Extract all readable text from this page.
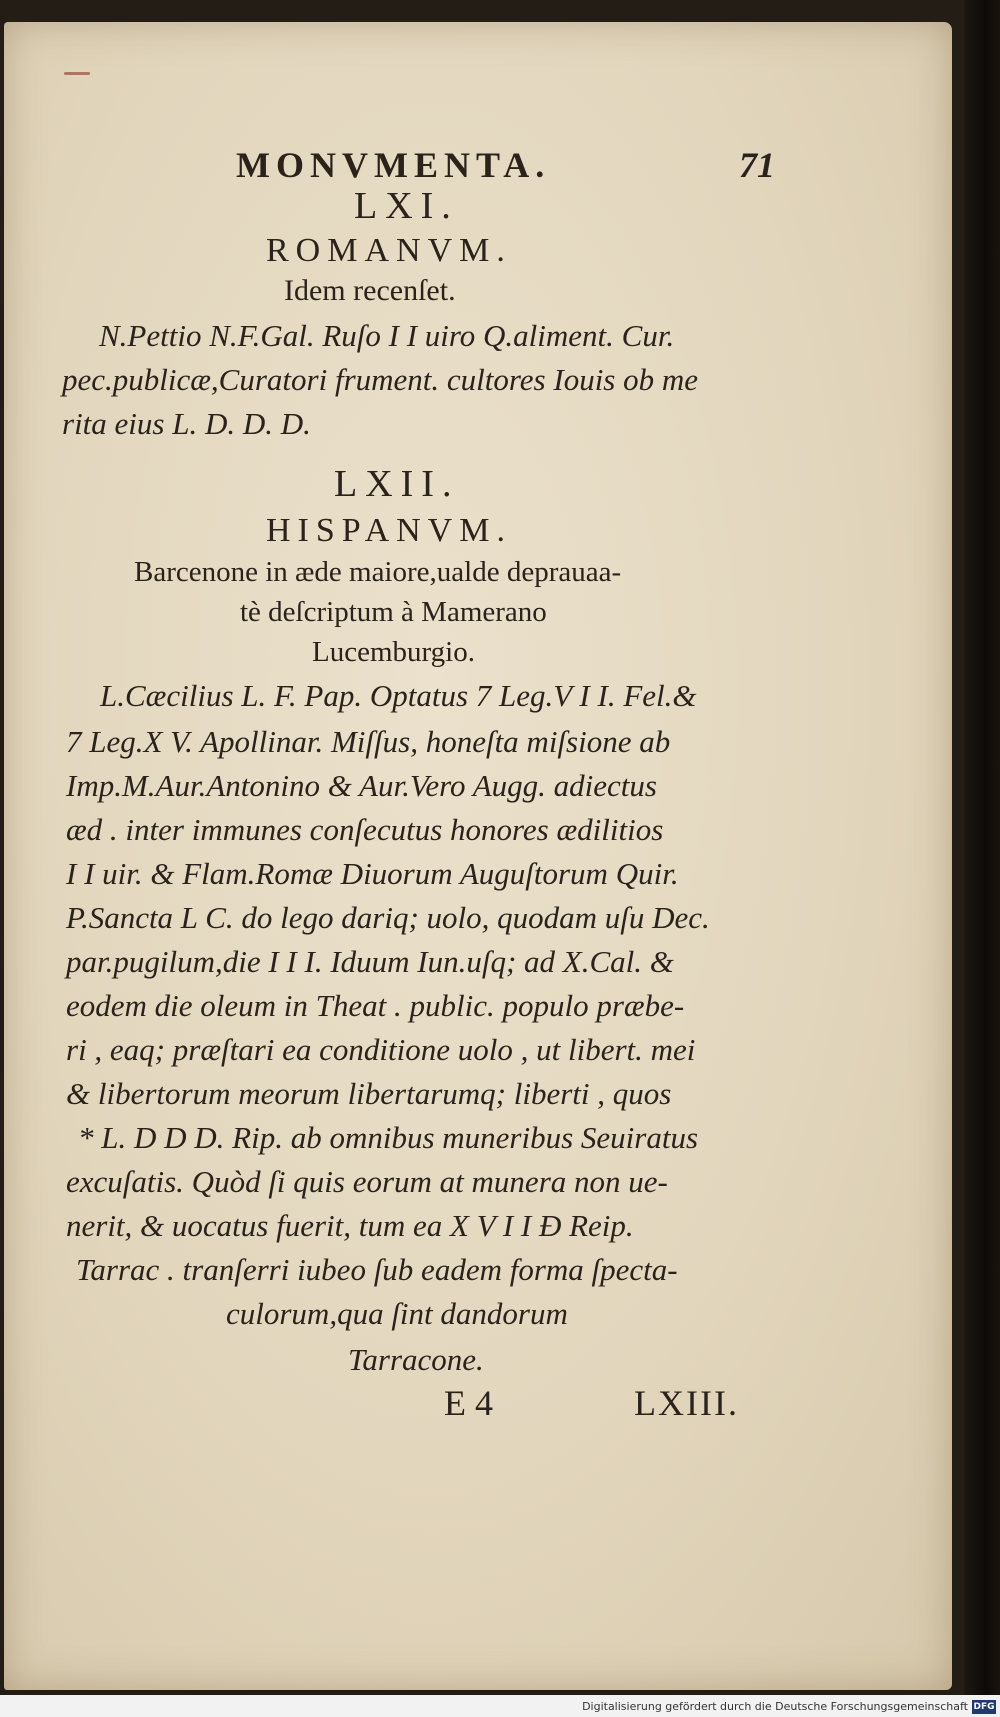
MONVMENTA.	71
LXI.
ROMANVM.
Idem recenſet.
N.Pettio N.F.Gal. Ruſo I I uiro Q.aliment. Cur.
pec.publicæ,Curatori frument. cultores Iouis ob me
rita eius L. D. D. D.
LXII.
HISPANVM.
Barcenone in æde maiore,ualde deprauaa-
tè deſcriptum à Mamerano
Lucemburgio.
L.Cæcilius L. F. Pap. Optatus 7 Leg.V I I. Fel.&
7 Leg.X V. Apollinar. Miſſus, honeſta miſsione ab
Imp.M.Aur.Antonino & Aur.Vero Augg. adiectus
æd . inter immunes conſecutus honores ædilitios
I I uir. & Flam.Romæ Diuorum Auguſtorum Quir.
P.Sancta L C. do lego dariq; uolo, quodam uſu Dec.
par.pugilum,die I I I. Iduum Iun.uſq; ad X.Cal. &
eodem die oleum in Theat . public. populo præbe-
ri , eaq; præſtari ea conditione uolo , ut libert. mei
& libertorum meorum libertarumq; liberti , quos
* L. D D D. Rip. ab omnibus muneribus Seuiratus
excuſatis. Quòd ſi quis eorum at munera non ue-
nerit, & uocatus fuerit, tum ea X V I I Ð Reip.
Tarrac . tranſerri iubeo ſub eadem forma ſpecta-
culorum,qua ſint dandorum
Tarracone.
E 4	LXIII.
Digitalisierung gefördert durch die Deutsche Forschungsgemeinschaft DFG
